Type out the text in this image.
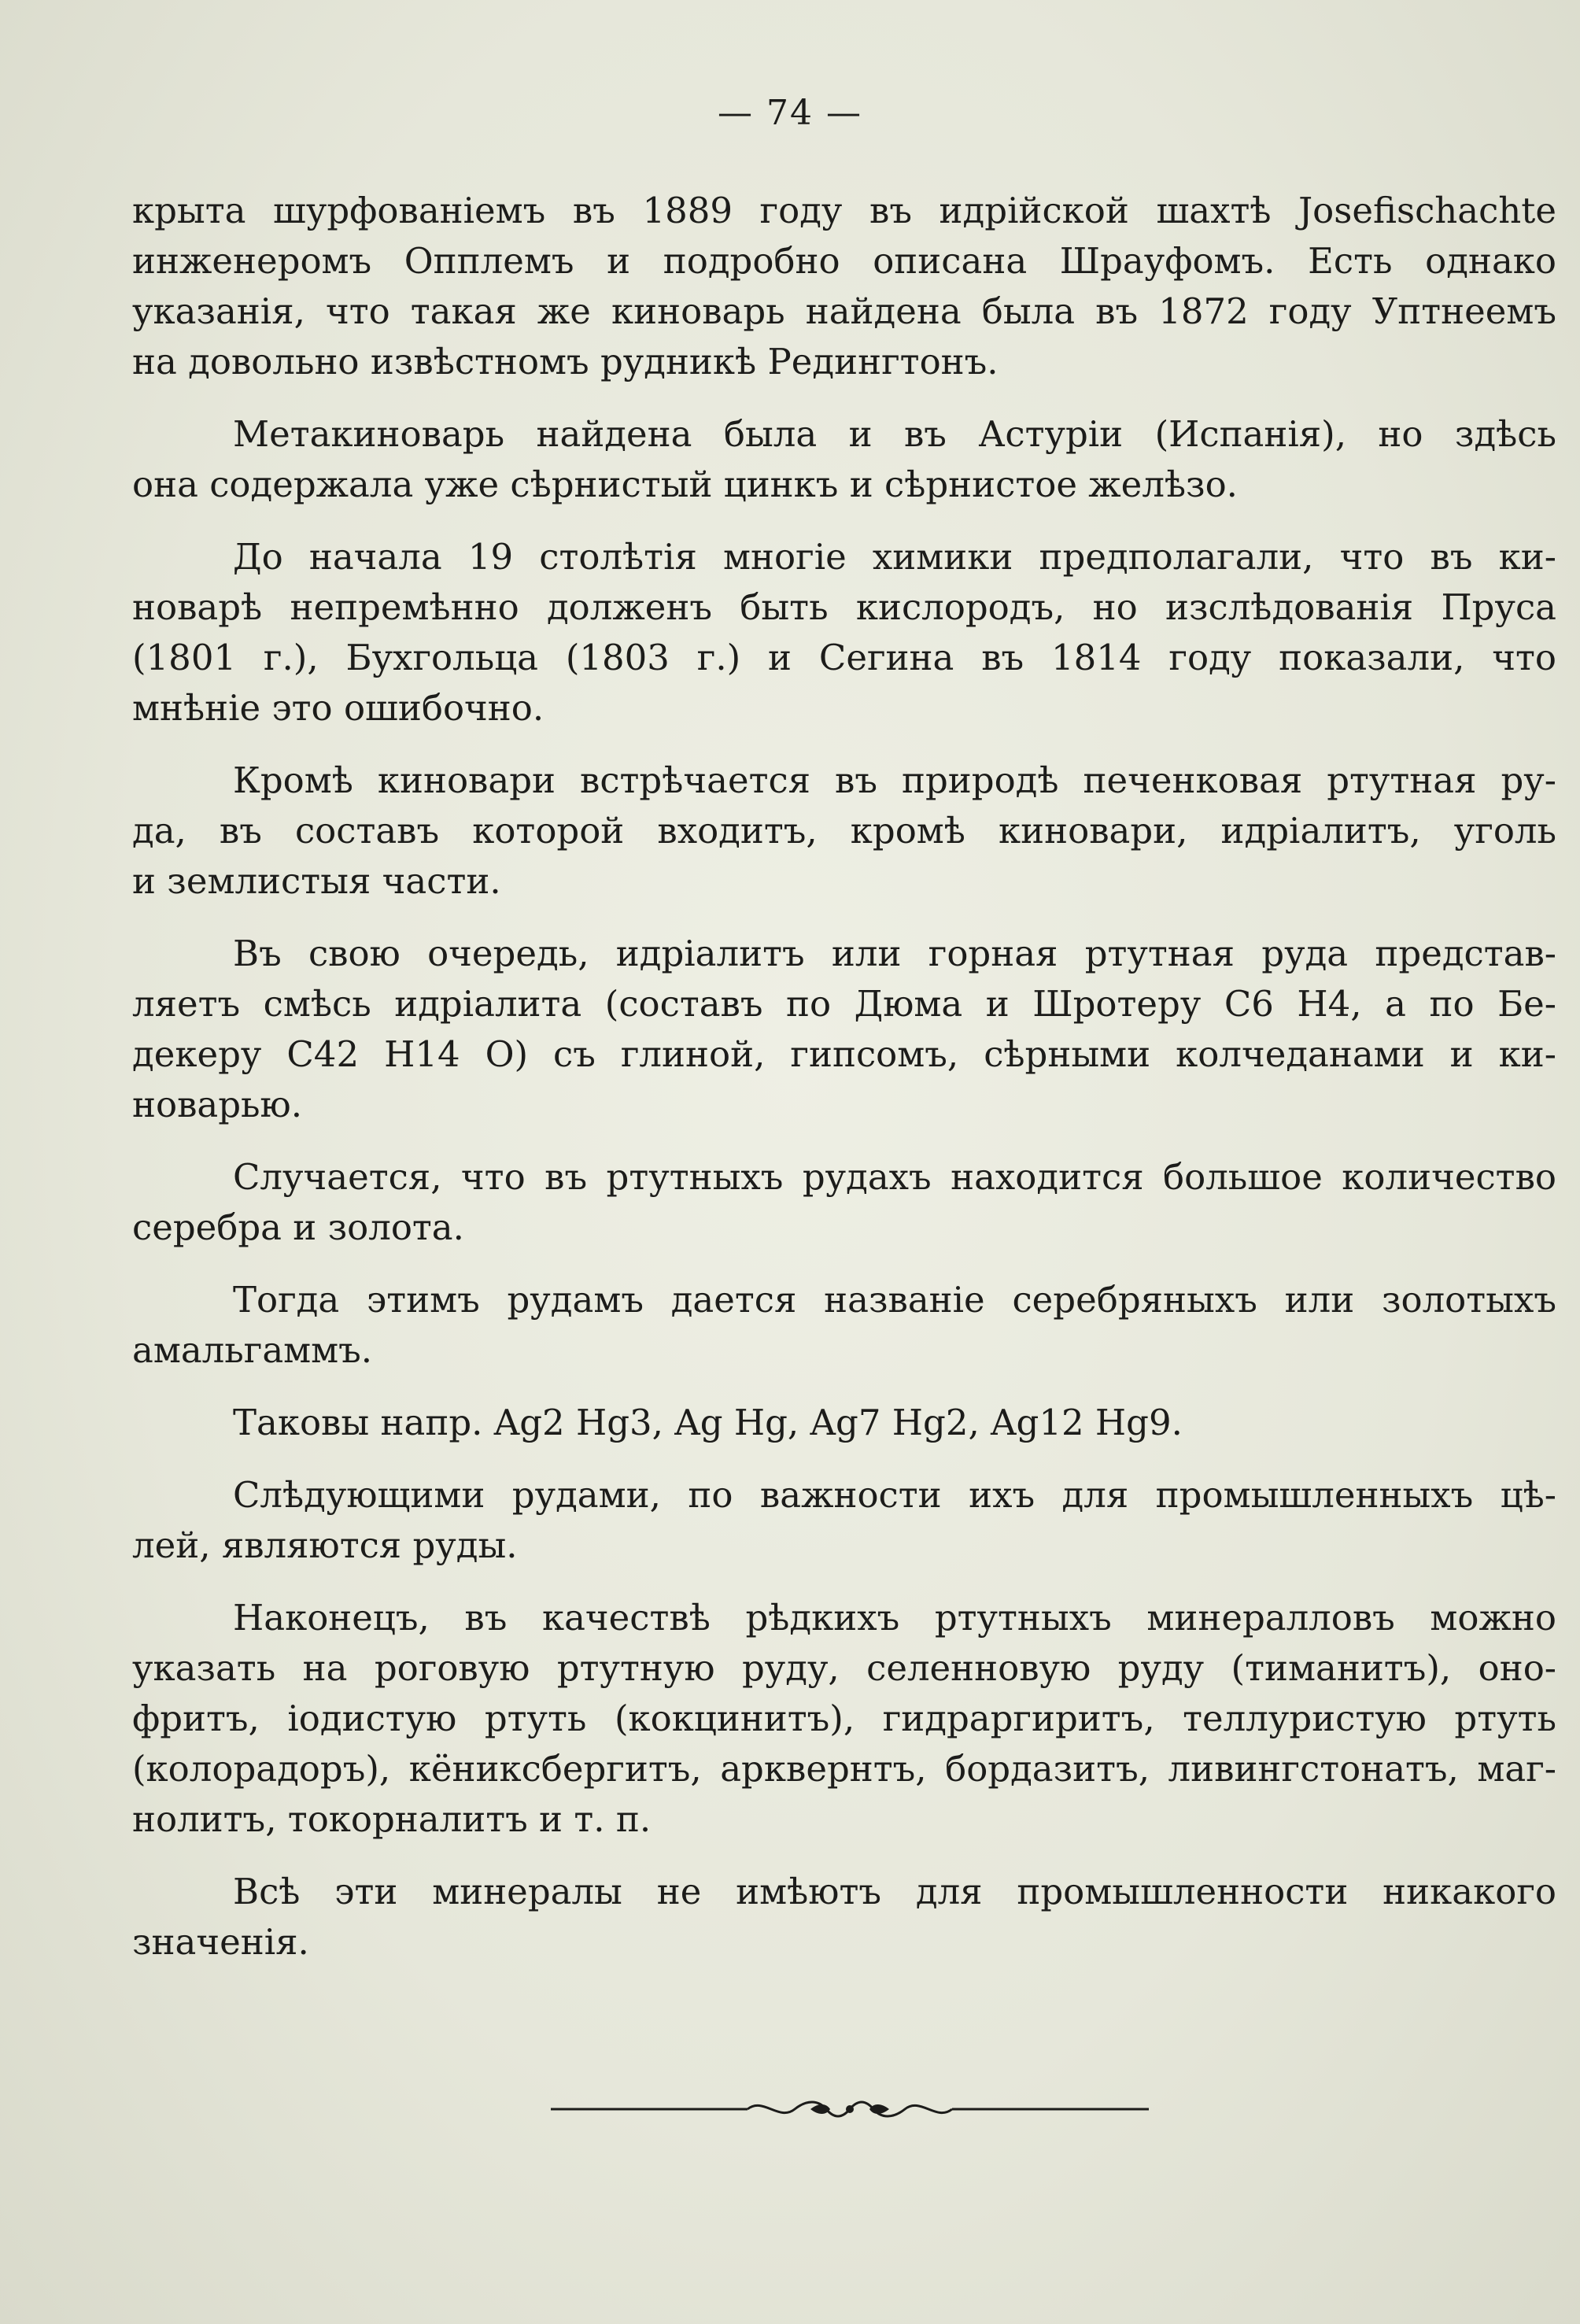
— 74 —
крыта шурфованіемъ въ 1889 году въ идрійской шахтѣ Josefischachte
инженеромъ Опплемъ и подробно описана Шрауфомъ. Есть однако
указанія, что такая же киноварь найдена была въ 1872 году Уптнеемъ
на довольно извѣстномъ рудникѣ Редингтонъ.
Метакиноварь найдена была и въ Астуріи (Испанія), но здѣсь
она содержала уже сѣрнистый цинкъ и сѣрнистое желѣзо.
До начала 19 столѣтія многіе химики предполагали, что въ ки-
новарѣ непремѣнно долженъ быть кислородъ, но изслѣдованія Пруса
(1801 г.), Бухгольца (1803 г.) и Сегина въ 1814 году показали, что
мнѣніе это ошибочно.
Кромѣ киновари встрѣчается въ природѣ печенковая ртутная ру-
да, въ составъ которой входитъ, кромѣ киновари, идріалитъ, уголь
и землистыя части.
Въ свою очередь, идріалитъ или горная ртутная руда представ-
ляетъ смѣсь идріалита (составъ по Дюма и Шротеру C6 H4, а по Бе-
декеру C42 H14 O) съ глиной, гипсомъ, сѣрными колчеданами и ки-
новарью.
Случается, что въ ртутныхъ рудахъ находится большое количество
серебра и золота.
Тогда этимъ рудамъ дается названіе серебряныхъ или золотыхъ
амальгаммъ.
Таковы напр. Ag2 Hg3, Ag Hg, Ag7 Hg2, Ag12 Hg9.
Слѣдующими рудами, по важности ихъ для промышленныхъ цѣ-
лей, являются руды.
Наконецъ, въ качествѣ рѣдкихъ ртутныхъ минералловъ можно
указать на роговую ртутную руду, селенновую руду (тиманитъ), оно-
фритъ, іодистую ртуть (кокцинитъ), гидраргиритъ, теллуристую ртуть
(колорадоръ), кёниксбергитъ, арквернтъ, бордазитъ, ливингстонатъ, маг-
нолитъ, токорналитъ и т. п.
Всѣ эти минералы не имѣютъ для промышленности никакого
значенія.
